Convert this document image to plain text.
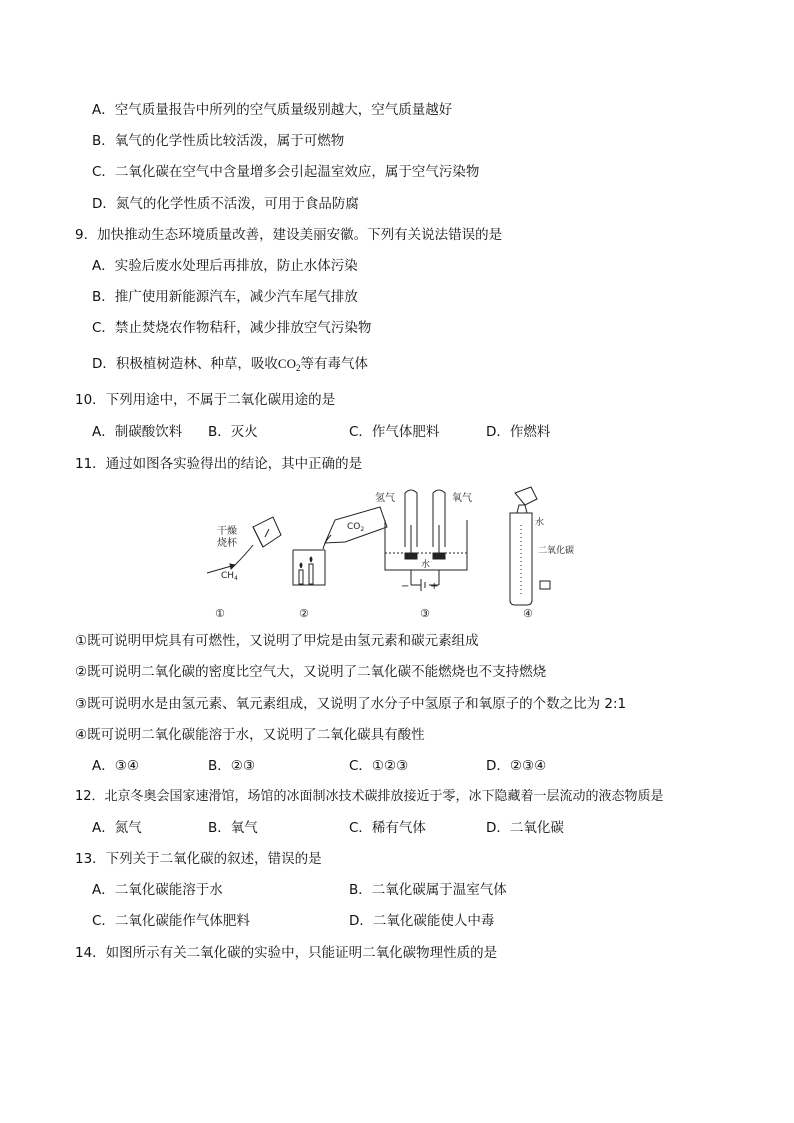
A．空气质量报告中所列的空气质量级别越大，空气质量越好
B．氧气的化学性质比较活泼，属于可燃物
C．二氧化碳在空气中含量增多会引起温室效应，属于空气污染物
D．氮气的化学性质不活泼，可用于食品防腐
9．加快推动生态环境质量改善，建设美丽安徽。下列有关说法错误的是
A．实验后废水处理后再排放，防止水体污染
B．推广使用新能源汽车，减少汽车尾气排放
C．禁止焚烧农作物秸秆，减少排放空气污染物
D．积极植树造林、种草，吸收$CO_2$等有毒气体
10．下列用途中，不属于二氧化碳用途的是
A．制碳酸饮料 B．灭火	C．作气体肥料	D．作燃料
11．通过如图各实验得出的结论，其中正确的是
干燥
烧杯
$CH_4$
$CO_2$
氢气	氧气
水
− +
水
二氧化碳
①	②	③	④
①既可说明甲烷具有可燃性，又说明了甲烷是由氢元素和碳元素组成
②既可说明二氧化碳的密度比空气大，又说明了二氧化碳不能燃烧也不支持燃烧
③既可说明水是由氢元素、氧元素组成，又说明了水分子中氢原子和氧原子的个数之比为 2:1
④既可说明二氧化碳能溶于水，又说明了二氧化碳具有酸性
A．③④	B．②③	C．①②③	D．②③④
12．北京冬奥会国家速滑馆，场馆的冰面制冰技术碳排放接近于零，冰下隐藏着一层流动的液态物质是
A．氮气	B．氧气	C．稀有气体	D．二氧化碳
13．下列关于二氧化碳的叙述，错误的是
A．二氧化碳能溶于水	B．二氧化碳属于温室气体
C．二氧化碳能作气体肥料	D．二氧化碳能使人中毒
14．如图所示有关二氧化碳的实验中，只能证明二氧化碳物理性质的是
